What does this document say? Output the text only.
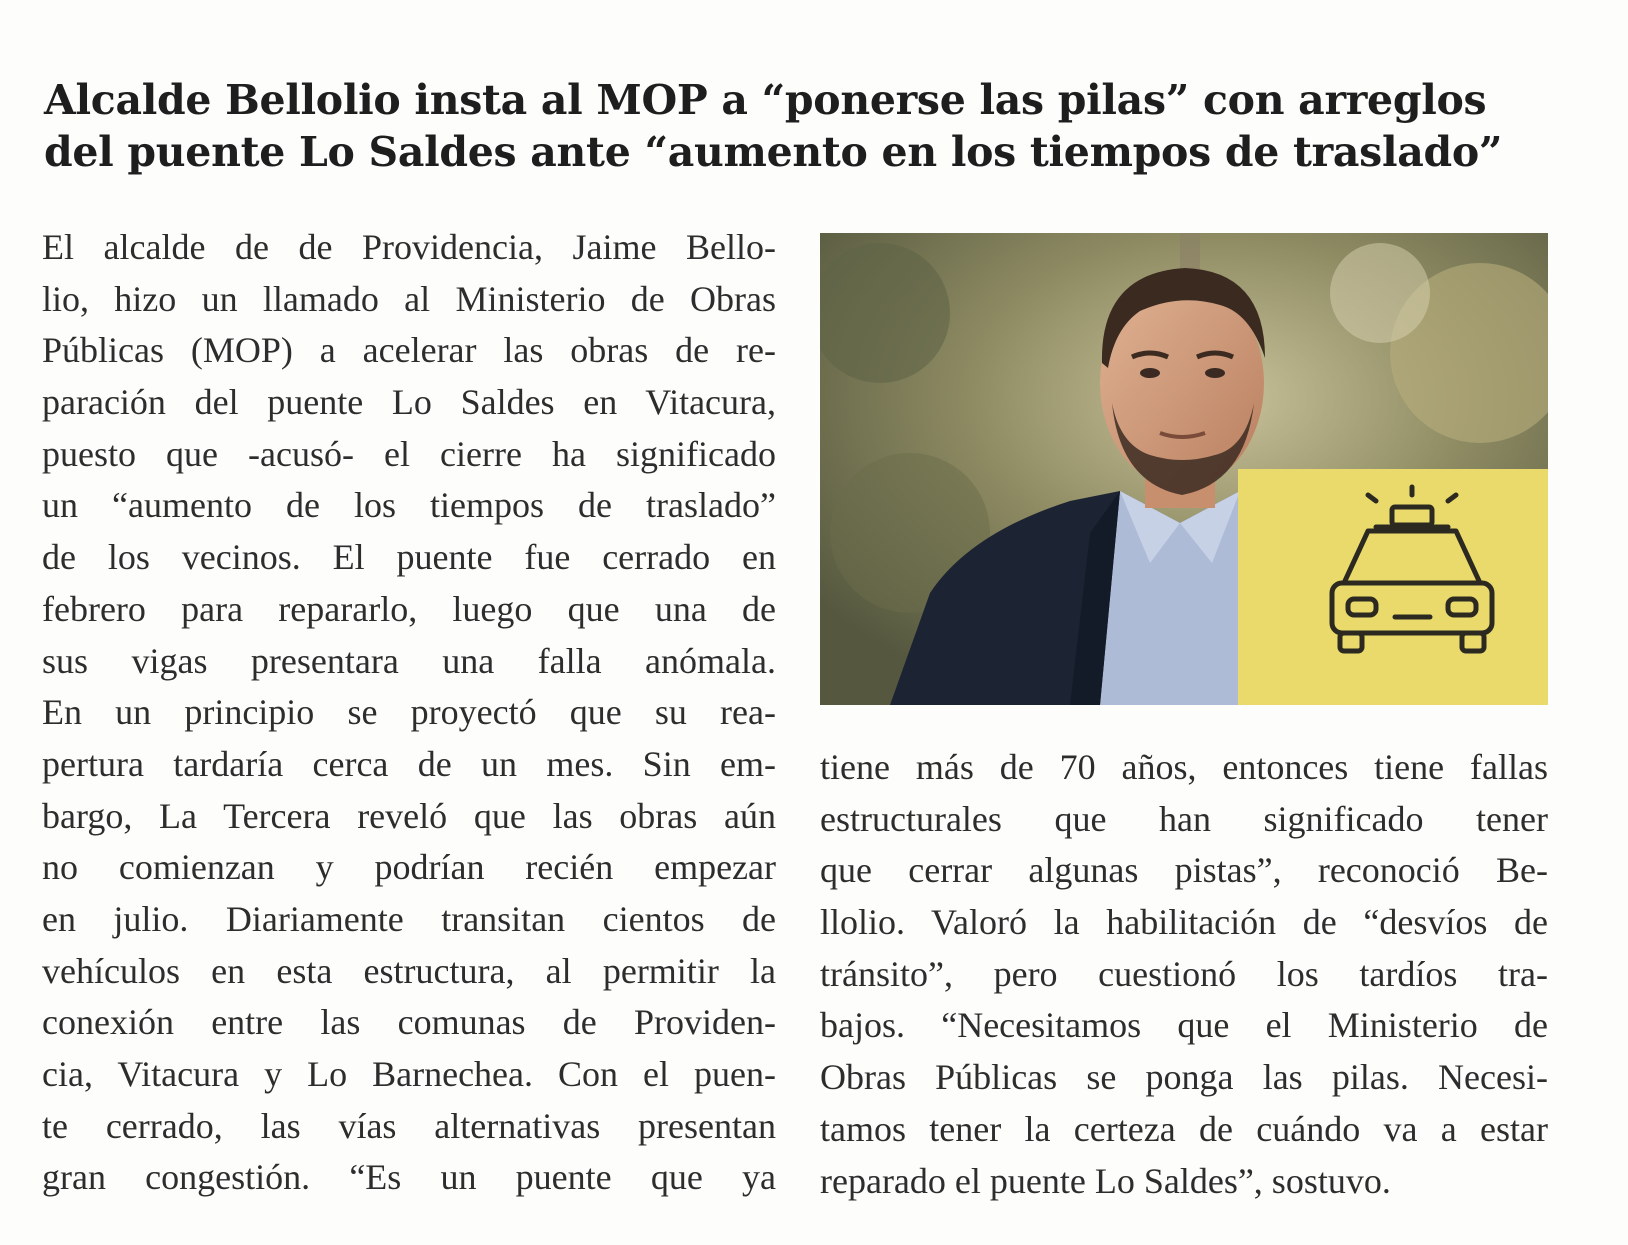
Alcalde Bellolio insta al MOP a “ponerse las pilas” con arreglos
del puente Lo Saldes ante “aumento en los tiempos de traslado”
El alcalde de de Providencia, Jaime Bello-
lio, hizo un llamado al Ministerio de Obras
Públicas (MOP) a acelerar las obras de re-
paración del puente Lo Saldes en Vitacura,
puesto que -acusó- el cierre ha significado
un “aumento de los tiempos de traslado”
de los vecinos. El puente fue cerrado en
febrero para repararlo, luego que una de
sus vigas presentara una falla anómala.
En un principio se proyectó que su rea-
pertura tardaría cerca de un mes. Sin em-
bargo, La Tercera reveló que las obras aún
no comienzan y podrían recién empezar
en julio. Diariamente transitan cientos de
vehículos en esta estructura, al permitir la
conexión entre las comunas de Providen-
cia, Vitacura y Lo Barnechea. Con el puen-
te cerrado, las vías alternativas presentan
gran congestión. “Es un puente que ya
tiene más de 70 años, entonces tiene fallas
estructurales que han significado tener
que cerrar algunas pistas”, reconoció Be-
llolio. Valoró la habilitación de “desvíos de
tránsito”, pero cuestionó los tardíos tra-
bajos. “Necesitamos que el Ministerio de
Obras Públicas se ponga las pilas. Necesi-
tamos tener la certeza de cuándo va a estar
reparado el puente Lo Saldes”, sostuvo.
